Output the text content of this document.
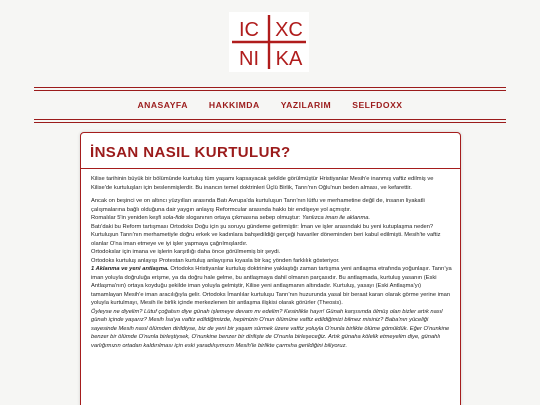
IC XC
NI KA
ANASAYFA HAKKIMDA YAZILARIM SELFDOXX
İNSAN NASIL KURTULUR?

Kilise tarihinin büyük bir bölümünde kurtuluş tüm yaşamı kapsayacak şekilde görülmüştür Hristiyanlar Mesih'e inanmış vaftiz edilmiş ve Kilise'de kurtuluşları için beslenmişlerdir. Bu inancın temel doktrinleri Üçlü Birlik, Tanrı'nın Oğlu'nun beden alması, ve kefarettir.

Ancak on beşinci ve on altıncı yüzyılları arasında Batı Avrupa'da kurtuluşun Tanrı'nın lütfu ve merhametine değil de, insanın liyakatli çalışmalarına bağlı olduğuna dair yaygın anlayış Reformcular arasında hakkı bir endişeye yol açmıştır.

Romalılar 5'in yeniden keşfi sola-fide sloganının ortaya çıkmasına sebep olmuştur: Yanlızca iman ile aklanma.

Batı'daki bu Reform tartışması Ortodoks Doğu için şu soruyu gündeme getirmiştir: İman ve işler arasındaki bu yeni kutuplaşma neden? Kurtuluşun Tanrı'nın merhametiyle doğru erkek ve kadınlara bahşedildiği gerçeği havariler döneminden beri kabul edilmişti. Mesih'te vaftiz olanlar O'na iman etmeye ve iyi işler yapmaya çağrılmışlardır.

Ortodokslar için imana ve işlerin karşıtlığı daha önce görülmemiş bir şeydi.

Ortodoks kurtuluş anlayışı Protestan kurtuluş anlayışına kıyasla bir kaç yönden farklılık gösteriyor.

1 Aklanma ve yeni antlaşma. Ortodoks Hristiyanlar kurtuluş doktrinine yaklaştığı zaman tartışma yeni antlaşma etrafında yoğunlaşır. Tanrı'ya iman yoluyla doğruluğa erişme, ya da doğru hale gelme, bu antlaşmaya dahil olmanın parçasıdır. Bu antlaşmada, kurtuluş yasanın (Eski Antlaşma'nın) ortaya koyduğu şekilde iman yoluyla gelmiştir, Kilise yeni antlaşmanın altındadır. Kurtuluş, yasayı (Eski Antlaşma'yı) tamamlayan Mesih'e iman aracılığıyla gelir. Ortodoks İmanlılar kurtuluşu Tanrı'nın huzurunda yasal bir beraat kararı olarak görme yerine iman yoluyla kurtulmayı, Mesih ile birlik içinde merkezlenen bir antlaşma ilişkisi olarak görürler (Theosis).

Öyleyse ne diyelim? Lütuf çoğalsın diye günah işlemeye devam mı edelim? Kesinlikle hayır! Günah karşısında ölmüş olan bizler artık nasıl günah içinde yaşarız? Mesih İsa'ya vaftiz edildiğimizde, hepimizin O'nun ölümüne vaftiz edildiğimizi bilmez misiniz? Baba'nın yüceliği sayesinde Mesih nasıl ölümden dirildiyse, biz de yeni bir yaşam sürmek üzere vaftiz yoluyla O'nunla birlikte ölüme gömüldük. Eğer O'nunkine benzer bir ölümde O'nunla birleştiysek, O'nunkine benzer bir dirilişte de O'nunla birleşeceğiz. Artık günaha kölelik etmeyelim diye, günahlı varlığımızın ortadan kaldırılması için eski yaradılışımızın Mesih'le birlikte çarmıha gerildiğini biliyoruz.
